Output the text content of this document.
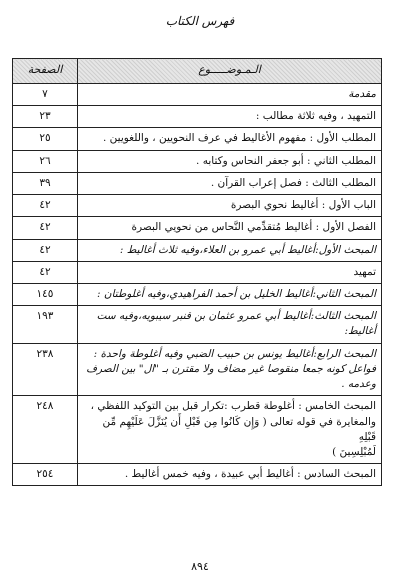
فهرس الكتاب
الـمـوضـــــوع	الصفحة

مقدمة	٧

التمهيد ، وفيه ثلاثة مطالب :	٢٣

المطلب الأول : مفهوم الأغاليط في عرف النحويين ، واللغويين .	٢٥

المطلب الثاني : أبو جعفر النحاس وكتابه .	٢٦

المطلب الثالث : فصل إعراب القرآن .	٣٩

الباب الأول : أغاليط نحوي البصرة	٤٢

الفصل الأول : أغاليط مُتقدِّمي النَّحاس من نحويي البصرة	٤٢

المبحث الأول:أغاليط أبي عمرو بن العلاء،وفيه ثلاث أغاليط :	٤٢

تمهيد	٤٢

المبحث الثاني:أغاليط الخليل بن أحمد الفراهيدي،وفيه أغلوطتان :	١٤٥

المبحث الثالث:أغاليط أبي عمرو عثمان بن قنبر سيبويه،وفيه ست
أغاليط:	١٩٣

المبحث الرابع:أغاليط يونس بن حبيب الضبي وفيه أغلوطة واحدة :
فواعل كونه جمعا منقوصا غير مضاف ولا مقترن بـ "ال" بين الصرف
وعدمه .	٢٣٨

المبحث الخامس : أغلوطة قطرب :تكرار قبل بين التوكيد اللفظي ،
والمغايرة في قوله تعالى ( وَإِن كَانُوا مِن قَبْلِ أَن يُنَزَّلَ عَلَيْهِم مِّن قَبْلِهِ
لَمُبْلِسِينَ )	٢٤٨

المبحث السادس : أغاليط أبي عبيدة ، وفيه خمس أغاليط .	٢٥٤
٨٩٤
